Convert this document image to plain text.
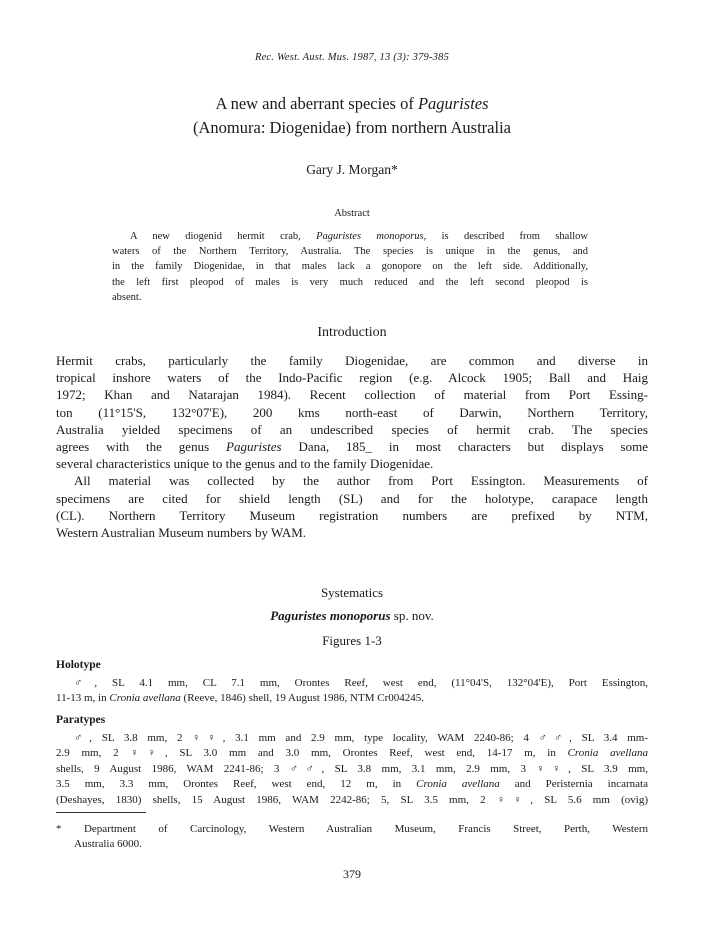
Rec. West. Aust. Mus. 1987, 13 (3): 379-385
A new and aberrant species of Paguristes
(Anomura: Diogenidae) from northern Australia
Gary J. Morgan*
Abstract
A new diogenid hermit crab, Paguristes monoporus, is described from shallow
waters of the Northern Territory, Australia. The species is unique in the genus, and
in the family Diogenidae, in that males lack a gonopore on the left side. Additionally,
the left first pleopod of males is very much reduced and the left second pleopod is
absent.
Introduction
Hermit crabs, particularly the family Diogenidae, are common and diverse in
tropical inshore waters of the Indo-Pacific region (e.g. Alcock 1905; Ball and Haig
1972; Khan and Natarajan 1984). Recent collection of material from Port Essing-
ton (11°15'S, 132°07'E), 200 kms north-east of Darwin, Northern Territory,
Australia yielded specimens of an undescribed species of hermit crab. The species
agrees with the genus Paguristes Dana, 185_ in most characters but displays some
several characteristics unique to the genus and to the family Diogenidae.
All material was collected by the author from Port Essington. Measurements of
specimens are cited for shield length (SL) and for the holotype, carapace length
(CL). Northern Territory Museum registration numbers are prefixed by NTM,
Western Australian Museum numbers by WAM.
Systematics
Paguristes monoporus sp. nov.
Figures 1-3
Holotype
♂, SL 4.1 mm, CL 7.1 mm, Orontes Reef, west end, (11°04'S, 132°04'E), Port Essington,
11-13 m, in Cronia avellana (Reeve, 1846) shell, 19 August 1986, NTM Cr004245.
Paratypes
♂, SL 3.8 mm, 2 ♀♀, 3.1 mm and 2.9 mm, type locality, WAM 2240-86; 4 ♂♂, SL 3.4 mm-
2.9 mm, 2 ♀♀, SL 3.0 mm and 3.0 mm, Orontes Reef, west end, 14-17 m, in Cronia avellana
shells, 9 August 1986, WAM 2241-86; 3 ♂♂, SL 3.8 mm, 3.1 mm, 2.9 mm, 3 ♀♀, SL 3.9 mm,
3.5 mm, 3.3 mm, Orontes Reef, west end, 12 m, in Cronia avellana and Peristernia incarnata
(Deshayes, 1830) shells, 15 August 1986, WAM 2242-86; 5, SL 3.5 mm, 2 ♀♀, SL 5.6 mm (ovig)
* Department of Carcinology, Western Australian Museum, Francis Street, Perth, Western
Australia 6000.
379
